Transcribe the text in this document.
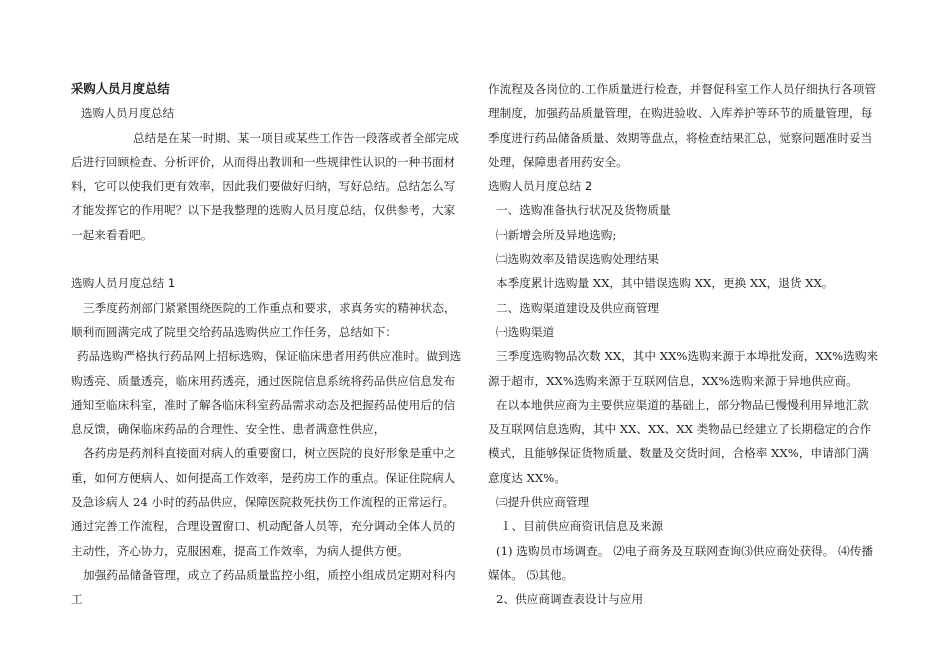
采购人员月度总结

选购人员月度总结

总结是在某一时期、某一项目或某些工作告一段落或者全部完成后进行回顾检查、分析评价，从而得出教训和一些规律性认识的一种书面材料，它可以使我们更有效率，因此我们要做好归纳，写好总结。总结怎么写才能发挥它的作用呢？以下是我整理的选购人员月度总结，仅供参考，大家一起来看看吧。

选购人员月度总结 1

三季度药剂部门紧紧围绕医院的工作重点和要求，求真务实的精神状态，顺利而圆满完成了院里交给药品选购供应工作任务，总结如下：

药品选购严格执行药品网上招标选购，保证临床患者用药供应准时。做到选购透亮、质量透亮，临床用药透亮，通过医院信息系统将药品供应信息发布通知至临床科室，准时了解各临床科室药品需求动态及把握药品使用后的信息反馈，确保临床药品的合理性、安全性、患者满意性供应，

各药房是药剂科直接面对病人的重要窗口，树立医院的良好形象是重中之重，如何方便病人、如何提高工作效率，是药房工作的重点。保证住院病人及急诊病人 24 小时的药品供应，保障医院救死扶伤工作流程的正常运行。通过完善工作流程，合理设置窗口、机动配备人员等，充分调动全体人员的主动性，齐心协力，克服困难，提高工作效率，为病人提供方便。

加强药品储备管理，成立了药品质量监控小组，质控小组成员定期对科内工

作流程及各岗位的.工作质量进行检查，并督促科室工作人员仔细执行各项管理制度，加强药品质量管理，在购进验收、入库养护等环节的质量管理，每季度进行药品储备质量、效期等盘点，将检查结果汇总，觉察问题准时妥当处理，保障患者用药安全。

选购人员月度总结 2

一、选购准备执行状况及货物质量

㈠新增会所及异地选购;

㈡选购效率及错误选购处理结果

本季度累计选购量 XX，其中错误选购 XX，更换 XX，退货 XX。

二、选购渠道建设及供应商管理

㈠选购渠道

三季度选购物品次数 XX，其中 XX%选购来源于本埠批发商，XX%选购来源于超市，XX%选购来源于互联网信息，XX%选购来源于异地供应商。

在以本地供应商为主要供应渠道的基础上，部分物品已慢慢利用异地汇款及互联网信息选购，其中 XX、XX、XX 类物品已经建立了长期稳定的合作模式，且能够保证货物质量、数量及交货时间，合格率 XX%，申请部门满意度达 XX%。

㈢提升供应商管理

１、目前供应商资讯信息及来源

(1) 选购员市场调查。 ⑵电子商务及互联网查询⑶供应商处获得。 ⑷传播媒体。 ⑸其他。

2、供应商调查表设计与应用
